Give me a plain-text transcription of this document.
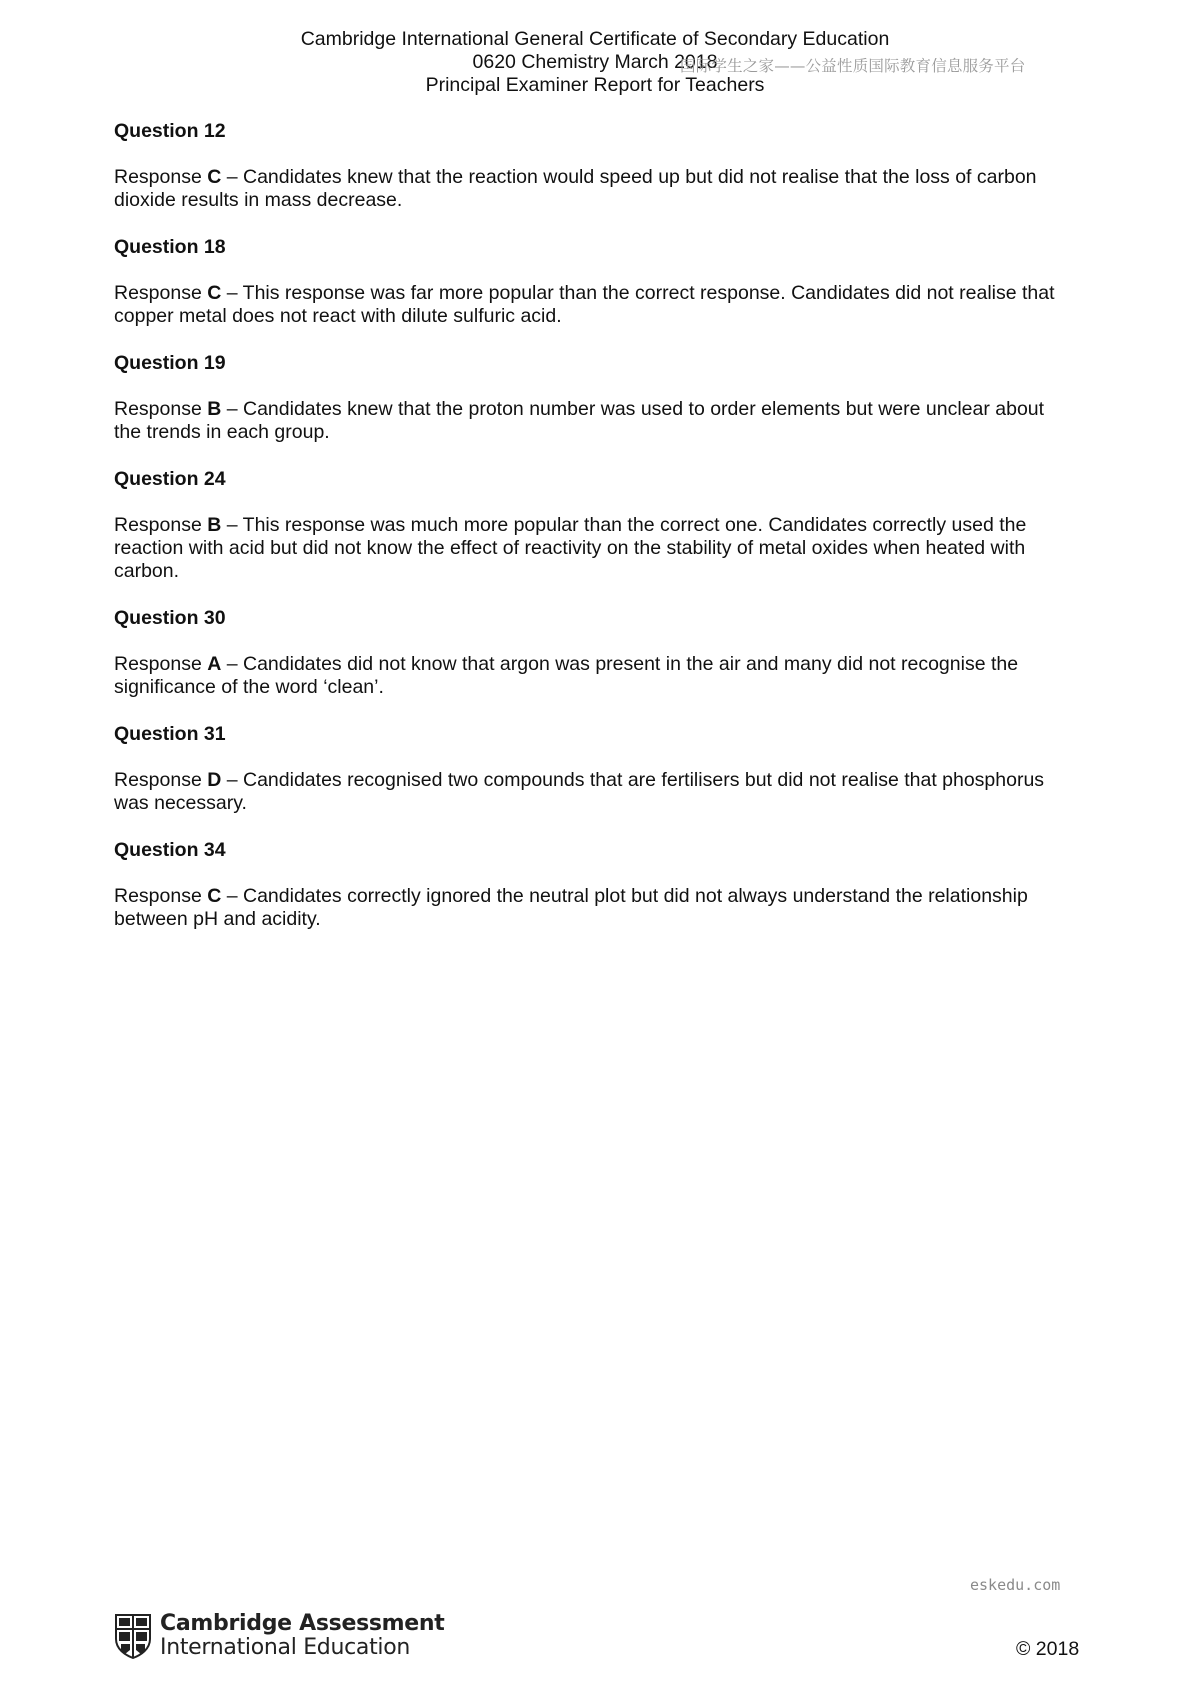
Cambridge International General Certificate of Secondary Education
0620 Chemistry March 2018
Principal Examiner Report for Teachers
国际学生之家——公益性质国际教育信息服务平台
Question 12

Response C – Candidates knew that the reaction would speed up but did not realise that the loss of carbon dioxide results in mass decrease.

Question 18

Response C – This response was far more popular than the correct response. Candidates did not realise that copper metal does not react with dilute sulfuric acid.

Question 19

Response B – Candidates knew that the proton number was used to order elements but were unclear about the trends in each group.

Question 24

Response B – This response was much more popular than the correct one. Candidates correctly used the reaction with acid but did not know the effect of reactivity on the stability of metal oxides when heated with carbon.

Question 30

Response A – Candidates did not know that argon was present in the air and many did not recognise the significance of the word ‘clean’.

Question 31

Response D – Candidates recognised two compounds that are fertilisers but did not realise that phosphorus was necessary.

Question 34

Response C – Candidates correctly ignored the neutral plot but did not always understand the relationship between pH and acidity.

eskedu.com
Cambridge Assessment
International Education	© 2018
